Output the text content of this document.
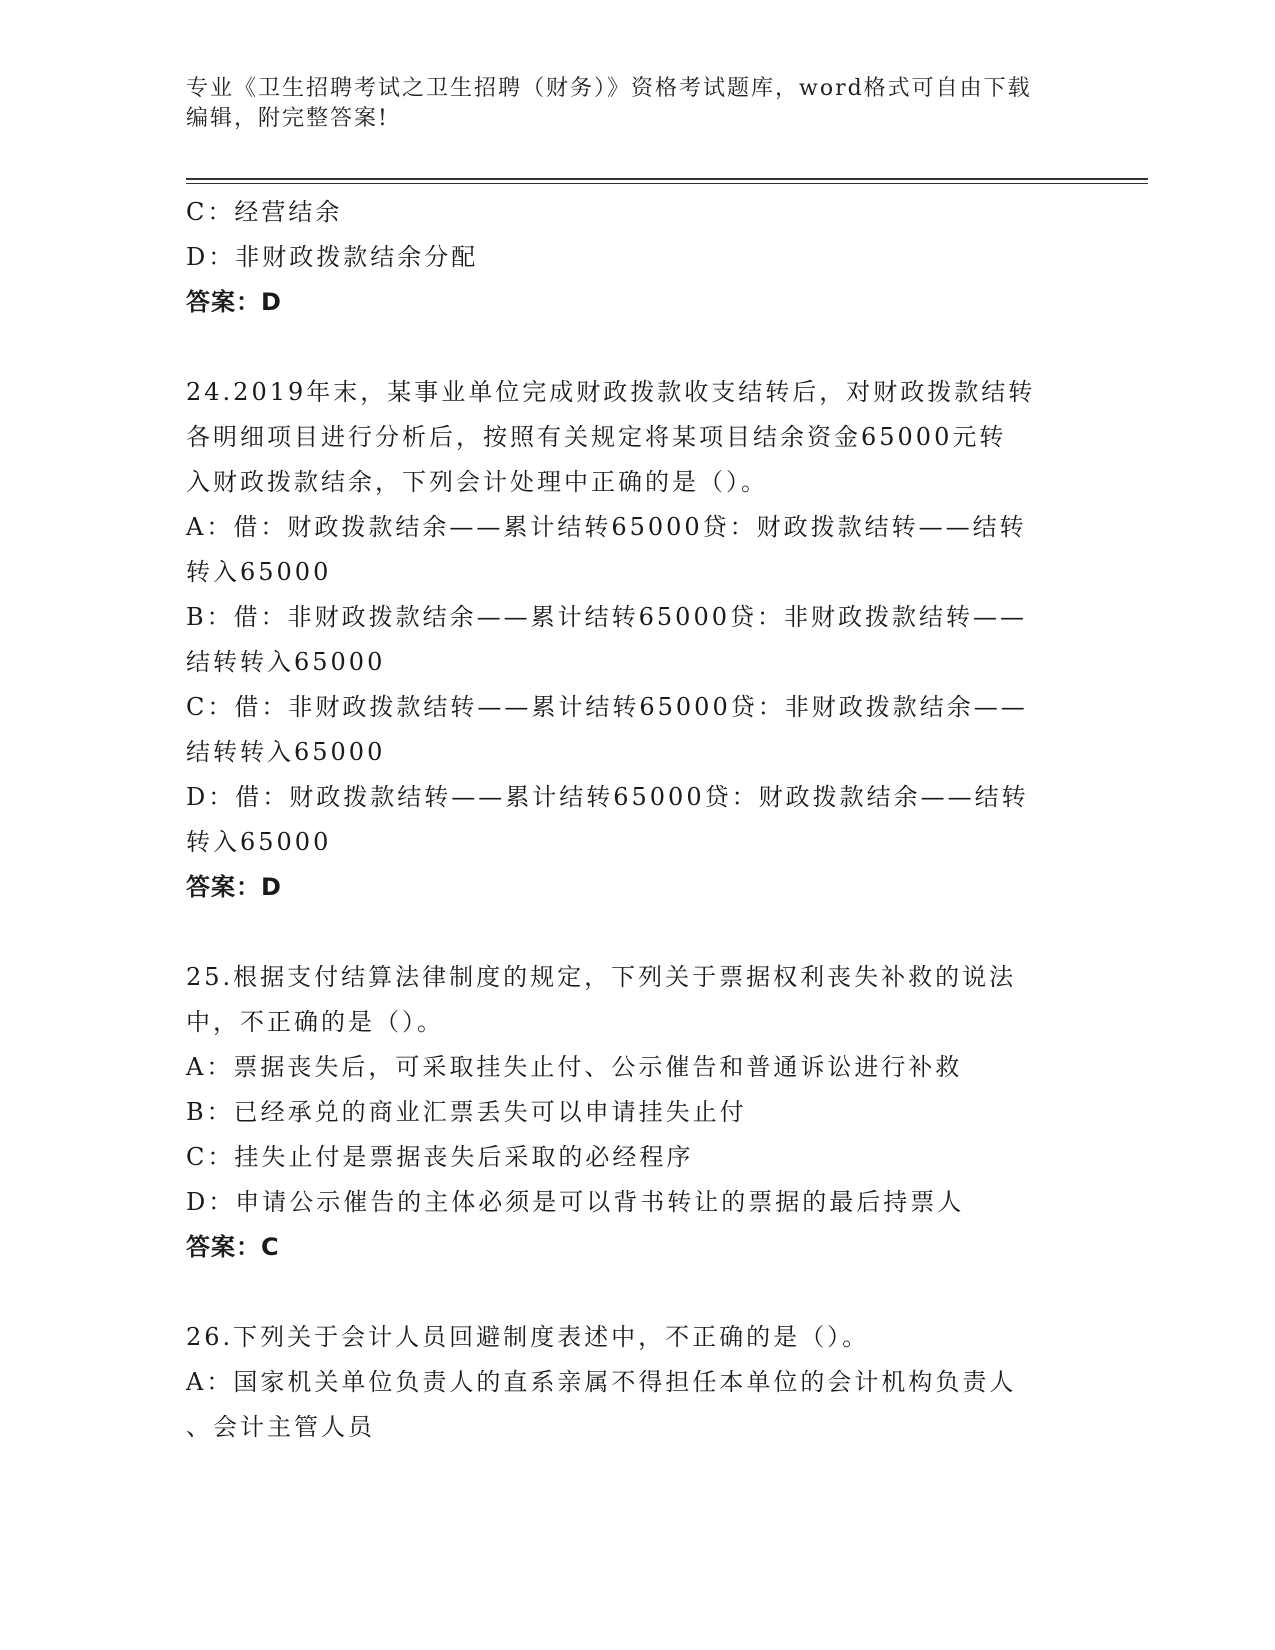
专业《卫生招聘考试之卫生招聘（财务）》资格考试题库，word格式可自由下载
编辑，附完整答案!
C：经营结余
D：非财政拨款结余分配
答案：D
24.2019年末，某事业单位完成财政拨款收支结转后，对财政拨款结转
各明细项目进行分析后，按照有关规定将某项目结余资金65000元转
入财政拨款结余，下列会计处理中正确的是（）。
A：借：财政拨款结余——累计结转65000贷：财政拨款结转——结转
转入65000
B：借：非财政拨款结余——累计结转65000贷：非财政拨款结转——
结转转入65000
C：借：非财政拨款结转——累计结转65000贷：非财政拨款结余——
结转转入65000
D：借：财政拨款结转——累计结转65000贷：财政拨款结余——结转
转入65000
答案：D
25.根据支付结算法律制度的规定，下列关于票据权利丧失补救的说法
中，不正确的是（）。
A：票据丧失后，可采取挂失止付、公示催告和普通诉讼进行补救
B：已经承兑的商业汇票丢失可以申请挂失止付
C：挂失止付是票据丧失后采取的必经程序
D：申请公示催告的主体必须是可以背书转让的票据的最后持票人
答案：C
26.下列关于会计人员回避制度表述中，不正确的是（）。
A：国家机关单位负责人的直系亲属不得担任本单位的会计机构负责人
、会计主管人员
